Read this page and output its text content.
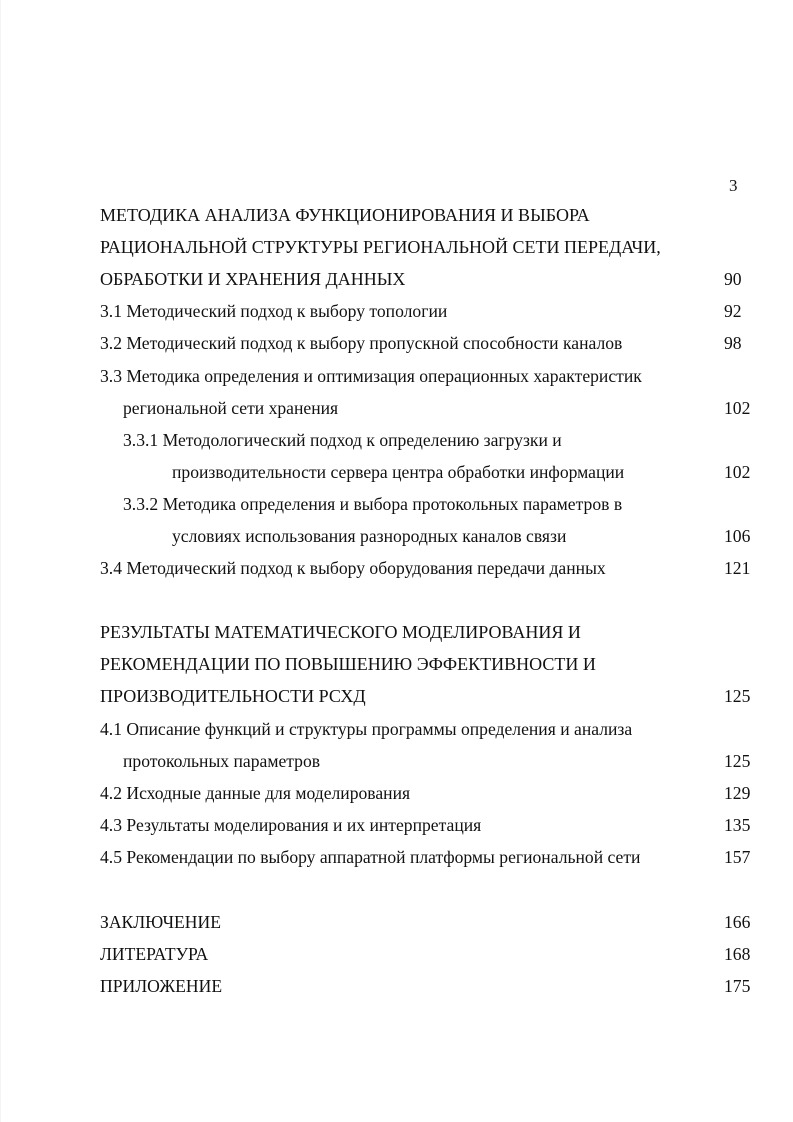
3
МЕТОДИКА АНАЛИЗА ФУНКЦИОНИРОВАНИЯ И ВЫБОРА
РАЦИОНАЛЬНОЙ СТРУКТУРЫ РЕГИОНАЛЬНОЙ СЕТИ ПЕРЕДАЧИ,
ОБРАБОТКИ И ХРАНЕНИЯ ДАННЫХ	90
3.1 Методический подход к выбору топологии	92
3.2 Методический подход к выбору пропускной способности каналов	98
3.3 Методика определения и оптимизация операционных характеристик
региональной сети хранения	102
3.3.1 Методологический подход к определению загрузки и
производительности сервера центра обработки информации	102
3.3.2 Методика определения и выбора протокольных параметров в
условиях использования разнородных каналов связи	106
3.4 Методический подход к выбору оборудования передачи данных	121
РЕЗУЛЬТАТЫ МАТЕМАТИЧЕСКОГО МОДЕЛИРОВАНИЯ И
РЕКОМЕНДАЦИИ ПО ПОВЫШЕНИЮ ЭФФЕКТИВНОСТИ И
ПРОИЗВОДИТЕЛЬНОСТИ РСХД	125
4.1 Описание функций и структуры программы определения и анализа
протокольных параметров	125
4.2 Исходные данные для моделирования	129
4.3 Результаты моделирования и их интерпретация	135
4.5 Рекомендации по выбору аппаратной платформы региональной сети	157
ЗАКЛЮЧЕНИЕ	166
ЛИТЕРАТУРА	168
ПРИЛОЖЕНИЕ	175
